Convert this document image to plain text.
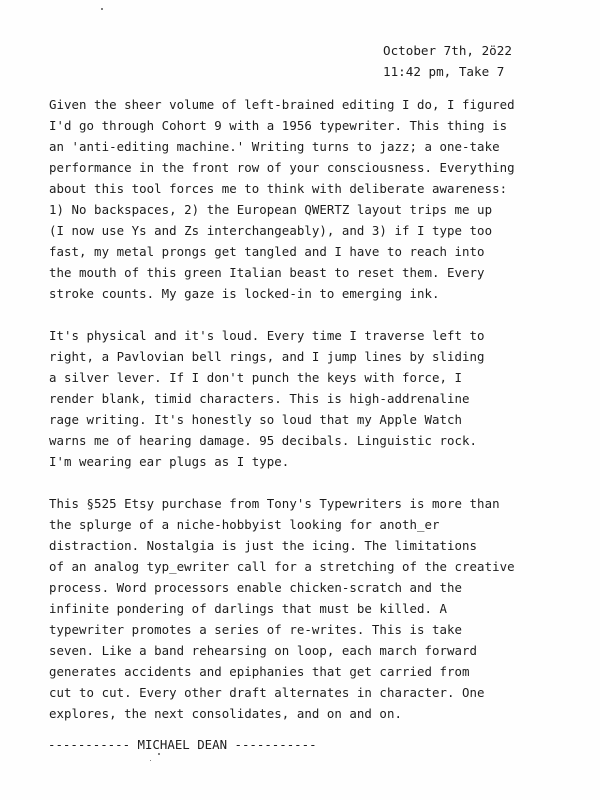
October 7th, 2ö22
11:42 pm, Take 7
Given the sheer volume of left-brained editing I do, I figured
I'd go through Cohort 9 with a 1956 typewriter. This thing is
an 'anti-editing machine.' Writing turns to jazz; a one-take
performance in the front row of your consciousness. Everything
about this tool forces me to think with deliberate awareness:
1) No backspaces, 2) the European QWERTZ layout trips me up
(I now use Ys and Zs interchangeably), and 3) if I type too
fast, my metal prongs get tangled and I have to reach into
the mouth of this green Italian beast to reset them. Every
stroke counts. My gaze is locked-in to emerging ink.
It's physical and it's loud. Every time I traverse left to
right, a Pavlovian bell rings, and I jump lines by sliding
a silver lever. If I don't punch the keys with force, I
render blank, timid characters. This is high-addrenaline
rage writing. It's honestly so loud that my Apple Watch
warns me of hearing damage. 95 decibals. Linguistic rock.
I'm wearing ear plugs as I type.
This §525 Etsy purchase from Tony's Typewriters is more than
the splurge of a niche-hobbyist looking for anoth_er
distraction. Nostalgia is just the icing. The limitations
of an analog typ_ewriter call for a stretching of the creative
process. Word processors enable chicken-scratch and the
infinite pondering of darlings that must be killed. A
typewriter promotes a series of re-writes. This is take
seven. Like a band rehearsing on loop, each march forward
generates accidents and epiphanies that get carried from
cut to cut. Every other draft alternates in character. One
explores, the next consolidates, and on and on.
----------- MICHAEL DEAN -----------
